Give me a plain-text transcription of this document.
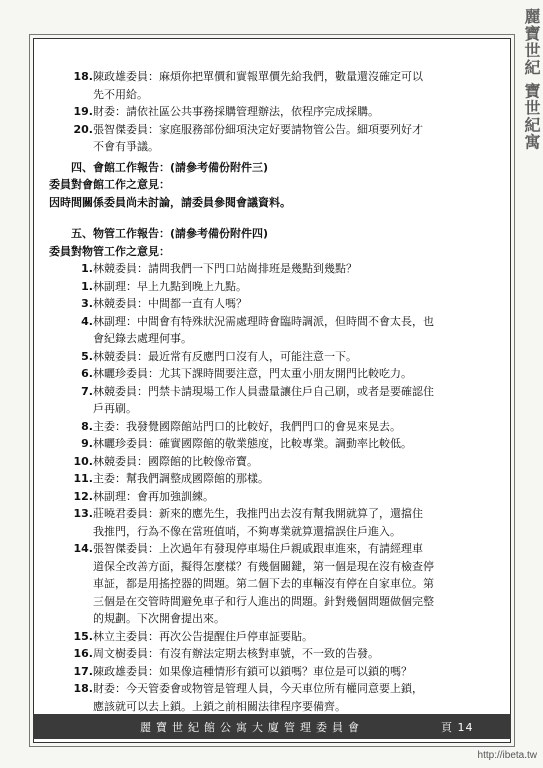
麗寶世紀 寶世紀寓
18. 陳政雄委員：麻煩你把單價和實報單價先給我們，數量還沒確定可以
先不用給。
19. 財委：請依社區公共事務採購管理辦法，依程序完成採購。
20. 張智傑委員：家庭服務部份細項決定好要請物管公告。細項要列好才
不會有爭議。
四、會館工作報告：(請參考備份附件三)
委員對會館工作之意見：
因時間關係委員尚未討論，請委員參閱會議資料。
五、物管工作報告：(請參考備份附件四)
委員對物管工作之意見：
1. 林競委員：請問我們一下門口站崗排班是幾點到幾點？
1. 林副理：早上九點到晚上九點。
3. 林競委員：中間都一直有人嗎？
4. 林副理：中間會有特殊狀況需處理時會臨時調派，但時間不會太長，也
會紀錄去處理何事。
5. 林競委員：最近常有反應門口沒有人，可能注意一下。
6. 林曬珍委員：尤其下課時間要注意，門太重小朋友開門比較吃力。
7. 林競委員：門禁卡請現場工作人員盡量讓住戶自己刷，或者是要確認住
戶再刷。
8. 主委：我發覺國際館站門口的比較好，我們門口的會晃來晃去。
9. 林曬珍委員：確實國際館的敬業態度，比較專業。調動率比較低。
10. 林競委員：國際館的比較像帝寶。
11. 主委：幫我們調整成國際館的那樣。
12. 林副理：會再加強訓練。
13. 莊曉君委員：新來的應先生，我推門出去沒有幫我開就算了，還擋住
我推門，行為不像在當班值哨，不夠專業就算還擋誤住戶進入。
14. 張智傑委員：上次過年有發現停車場住戶親戚跟車進來，有請經理車
道保全改善方面，擬得怎麼樣？有幾個關鍵，第一個是現在沒有檢查停
車証，都是用搖控器的問題。第二個下去的車輛沒有停在自家車位。第
三個是在交管時間避免車子和行人進出的問題。針對幾個問題做個完整
的規劃。下次開會提出來。
15. 林立主委員：再次公告提醒住戶停車証要貼。
16. 周文樹委員：有沒有辦法定期去核對車號，不一致的告發。
17. 陳政雄委員：如果像這種情形有鎖可以鎖嗎？車位是可以鎖的嗎？
18. 財委：今天管委會或物管是管理人員，今天車位所有權同意要上鎖，
應該就可以去上鎖。上鎖之前相關法律程序要備齊。
麗寶世紀館公寓大廈管理委員會	頁 14
http://ibeta.tw
